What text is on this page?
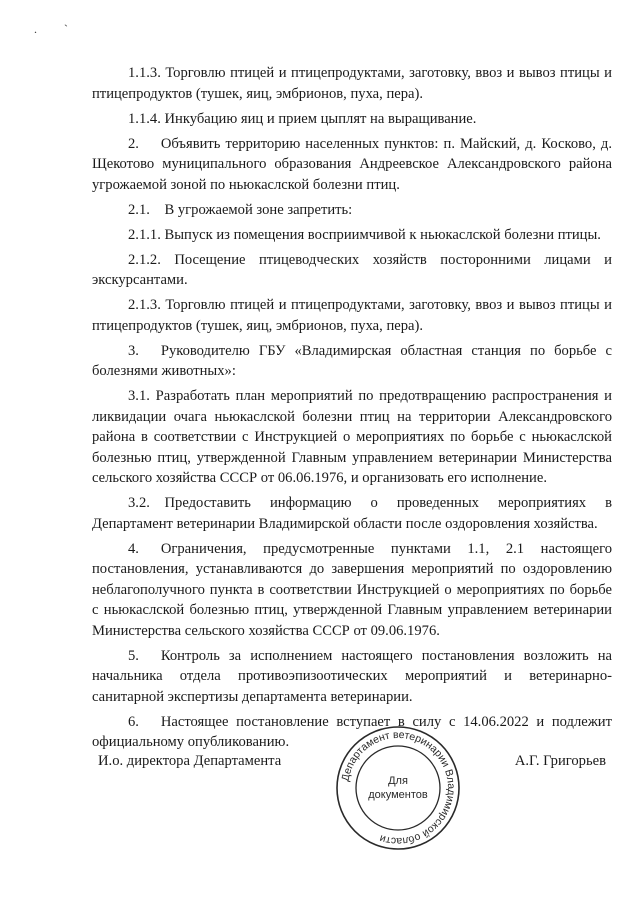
. `

1.1.3. Торговлю птицей и птицепродуктами, заготовку, ввоз и вывоз птицы и птицепродуктов (тушек, яиц, эмбрионов, пуха, пера).

1.1.4. Инкубацию яиц и прием цыплят на выращивание.

2.  Объявить территорию населенных пунктов: п. Майский, д. Косково, д. Щекотово муниципального образования Андреевское Александровского района угрожаемой зоной по ньюкаслской болезни птиц.

2.1. В угрожаемой зоне запретить:

2.1.1. Выпуск из помещения восприимчивой к ньюкаслской болезни птицы.

2.1.2. Посещение птицеводческих хозяйств посторонними лицами и экскурсантами.

2.1.3. Торговлю птицей и птицепродуктами, заготовку, ввоз и вывоз птицы и птицепродуктов (тушек, яиц, эмбрионов, пуха, пера).

3.  Руководителю ГБУ «Владимирская областная станция по борьбе с болезнями животных»:

3.1. Разработать план мероприятий по предотвращению распространения и ликвидации очага ньюкаслской болезни птиц на территории Александровского района в соответствии с Инструкцией о мероприятиях по борьбе с ньюкаслской болезнью птиц, утвержденной Главным управлением ветеринарии Министерства сельского хозяйства СССР от 06.06.1976, и организовать его исполнение.

3.2. Предоставить информацию о проведенных мероприятиях в Департамент ветеринарии Владимирской области после оздоровления хозяйства.

4.  Ограничения, предусмотренные пунктами 1.1, 2.1 настоящего постановления, устанавливаются до завершения мероприятий по оздоровлению неблагополучного пункта в соответствии Инструкцией о мероприятиях по борьбе с ньюкаслской болезнью птиц, утвержденной Главным управлением ветеринарии Министерства сельского хозяйства СССР от 09.06.1976.

5.  Контроль за исполнением настоящего постановления возложить на начальника отдела противоэпизоотических мероприятий и ветеринарно-санитарной экспертизы департамента ветеринарии.

6.  Настоящее постановление вступает в силу с 14.06.2022 и подлежит официальному опубликованию.

И.о. директора Департамента
Департамент ветеринарии Владимирской области
Для
документов
А.Г. Григорьев
